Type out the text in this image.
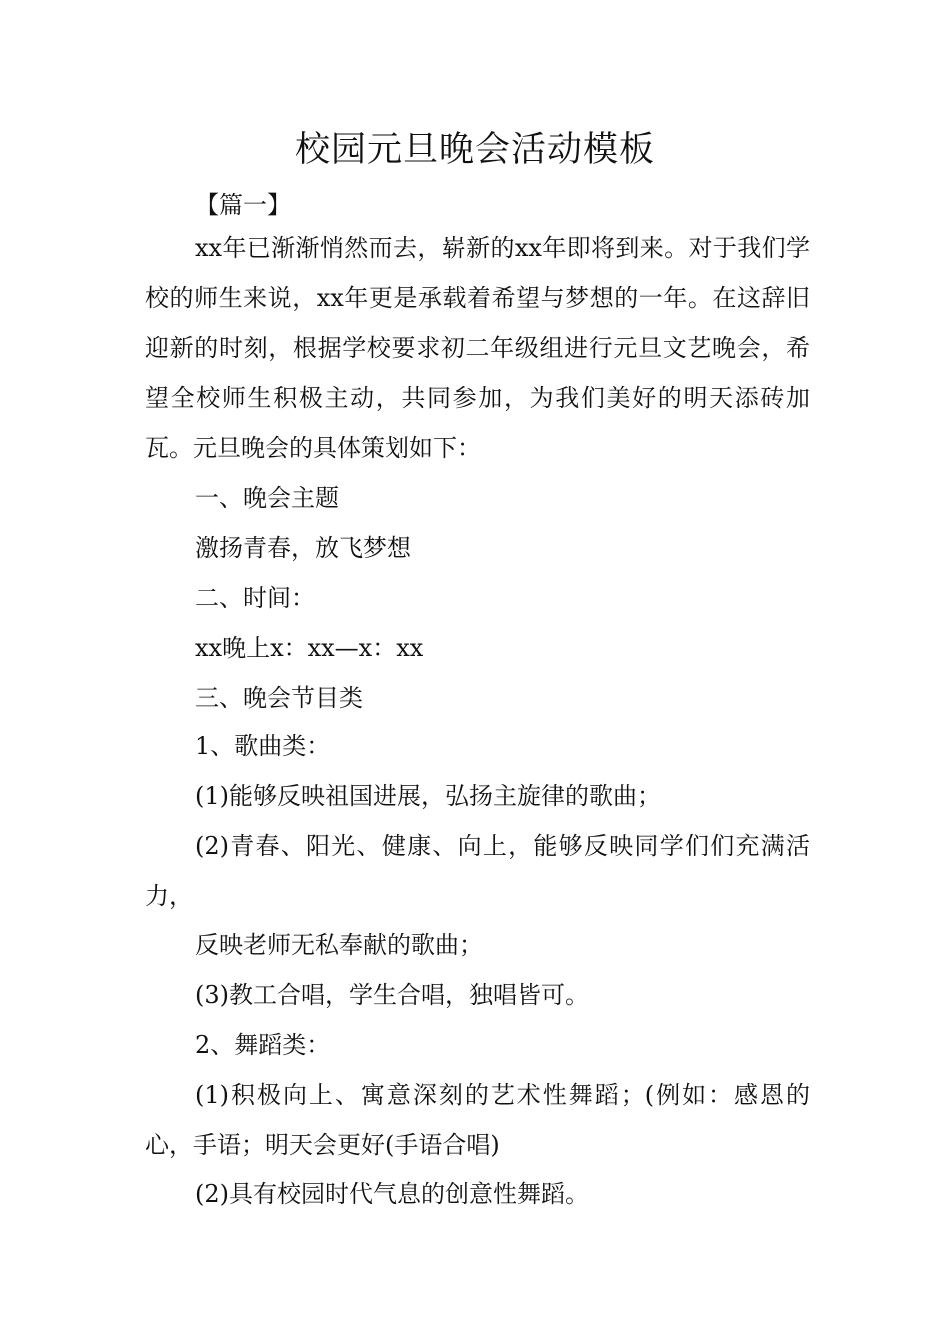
校园元旦晚会活动模板

【篇一】

xx年已渐渐悄然而去，崭新的xx年即将到来。对于我们学校的师生来说，xx年更是承载着希望与梦想的一年。在这辞旧迎新的时刻，根据学校要求初二年级组进行元旦文艺晚会，希望全校师生积极主动，共同参加，为我们美好的明天添砖加瓦。元旦晚会的具体策划如下：

一、晚会主题

激扬青春，放飞梦想

二、时间：

xx晚上x：xx—x：xx

三、晚会节目类

1、歌曲类：

(1)能够反映祖国进展，弘扬主旋律的歌曲；

(2)青春、阳光、健康、向上，能够反映同学们们充满活力，

反映老师无私奉献的歌曲；

(3)教工合唱，学生合唱，独唱皆可。

2、舞蹈类：

(1)积极向上、寓意深刻的艺术性舞蹈；(例如：感恩的心，手语；明天会更好(手语合唱)

(2)具有校园时代气息的创意性舞蹈。
